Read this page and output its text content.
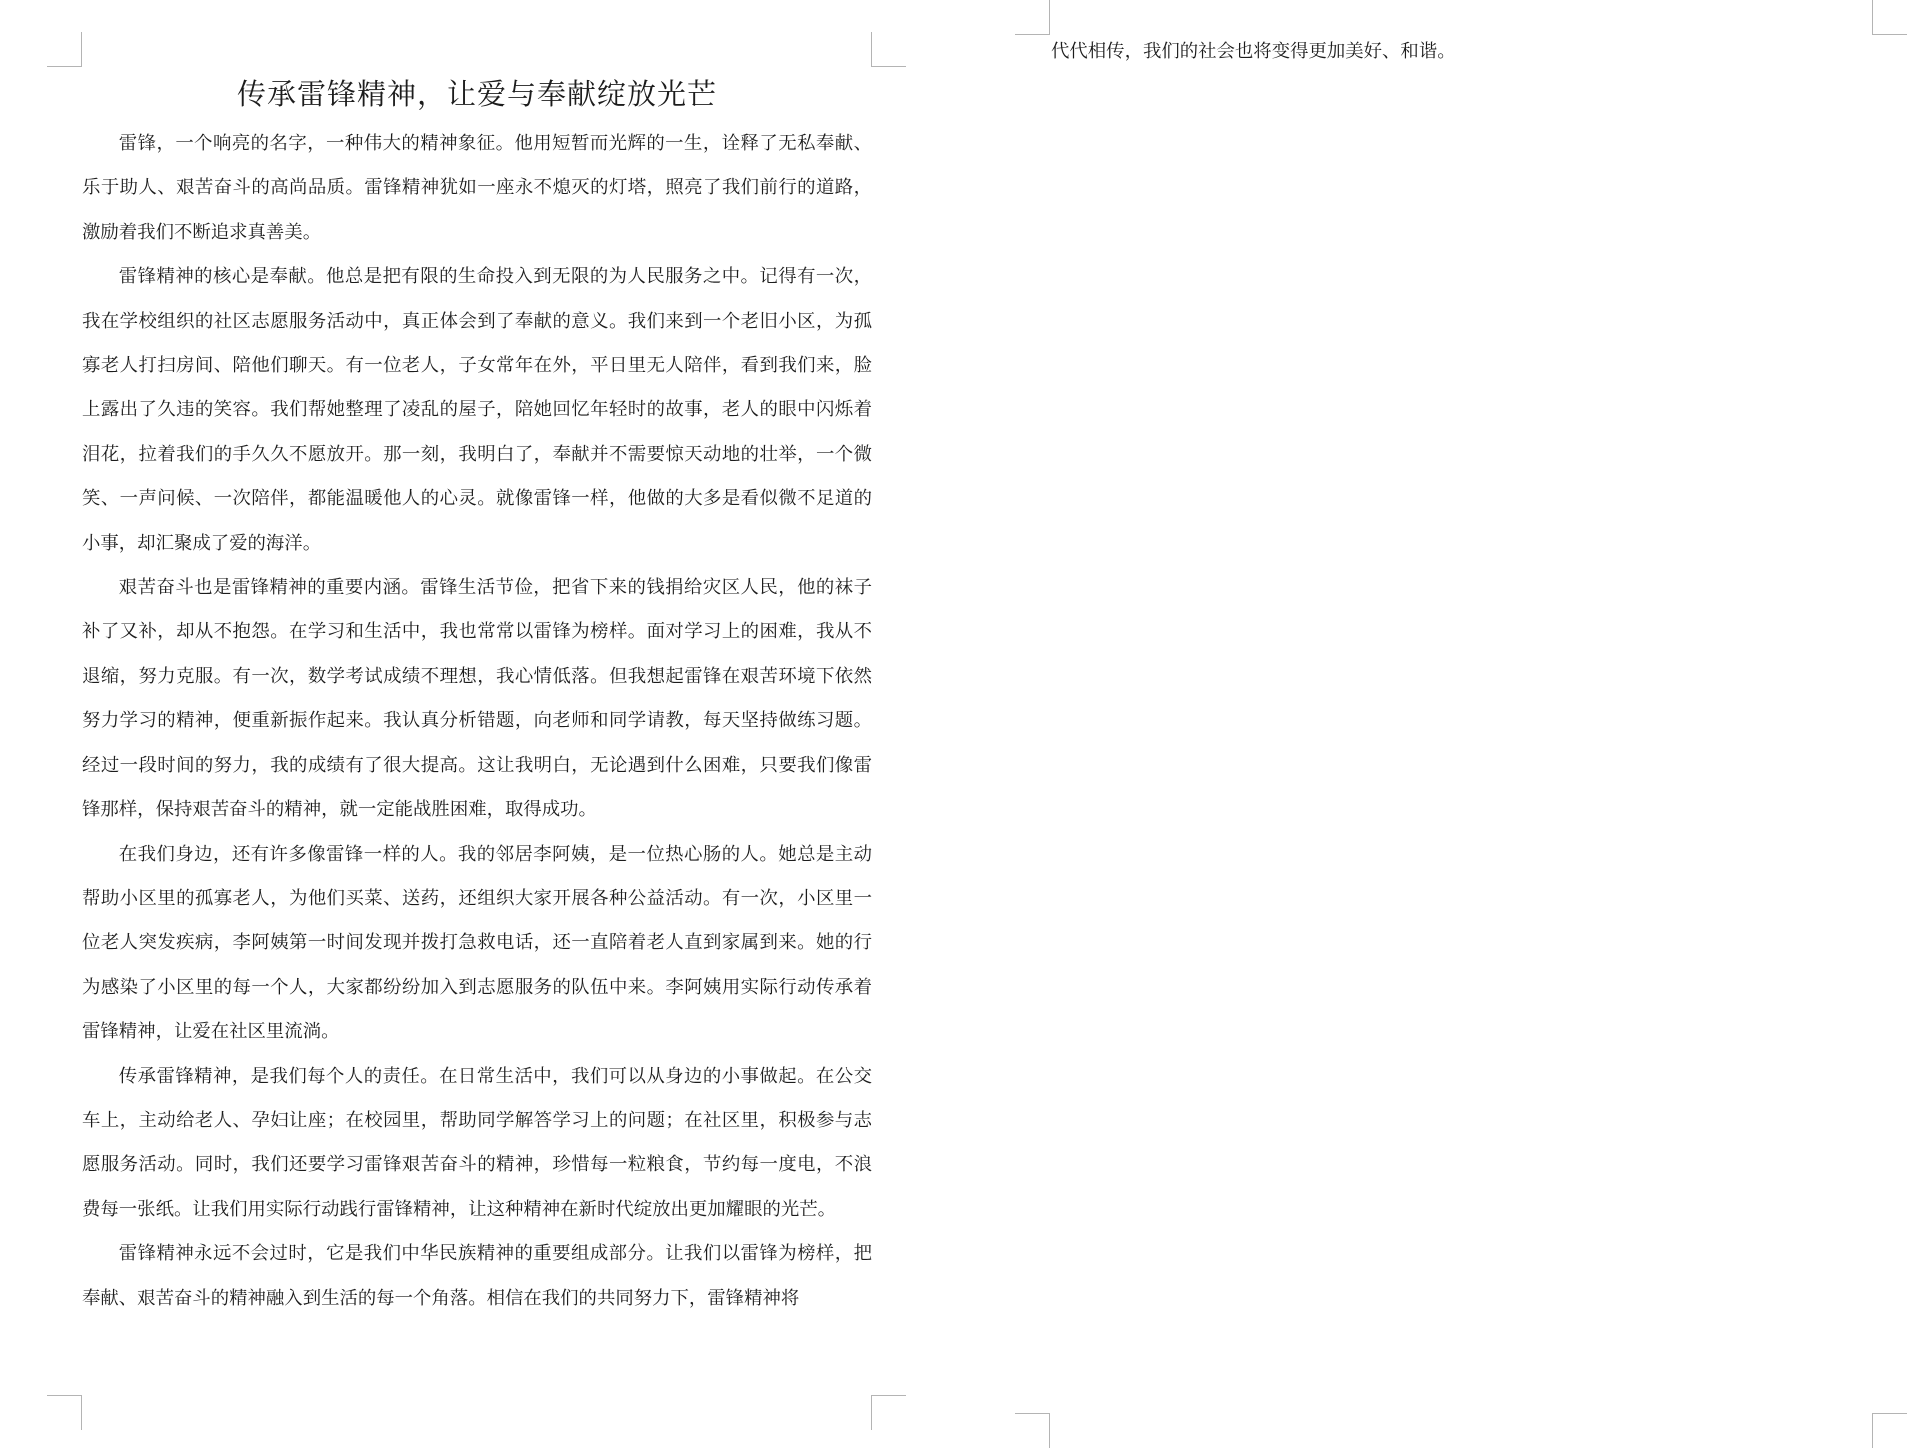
传承雷锋精神，让爱与奉献绽放光芒

雷锋，一个响亮的名字，一种伟大的精神象征。他用短暂而光辉的一生，诠释了无私奉献、乐于助人、艰苦奋斗的高尚品质。雷锋精神犹如一座永不熄灭的灯塔，照亮了我们前行的道路，激励着我们不断追求真善美。

雷锋精神的核心是奉献。他总是把有限的生命投入到无限的为人民服务之中。记得有一次，我在学校组织的社区志愿服务活动中，真正体会到了奉献的意义。我们来到一个老旧小区，为孤寡老人打扫房间、陪他们聊天。有一位老人，子女常年在外，平日里无人陪伴，看到我们来，脸上露出了久违的笑容。我们帮她整理了凌乱的屋子，陪她回忆年轻时的故事，老人的眼中闪烁着泪花，拉着我们的手久久不愿放开。那一刻，我明白了，奉献并不需要惊天动地的壮举，一个微笑、一声问候、一次陪伴，都能温暖他人的心灵。就像雷锋一样，他做的大多是看似微不足道的小事，却汇聚成了爱的海洋。

艰苦奋斗也是雷锋精神的重要内涵。雷锋生活节俭，把省下来的钱捐给灾区人民，他的袜子补了又补，却从不抱怨。在学习和生活中，我也常常以雷锋为榜样。面对学习上的困难，我从不退缩，努力克服。有一次，数学考试成绩不理想，我心情低落。但我想起雷锋在艰苦环境下依然努力学习的精神，便重新振作起来。我认真分析错题，向老师和同学请教，每天坚持做练习题。经过一段时间的努力，我的成绩有了很大提高。这让我明白，无论遇到什么困难，只要我们像雷锋那样，保持艰苦奋斗的精神，就一定能战胜困难，取得成功。

在我们身边，还有许多像雷锋一样的人。我的邻居李阿姨，是一位热心肠的人。她总是主动帮助小区里的孤寡老人，为他们买菜、送药，还组织大家开展各种公益活动。有一次，小区里一位老人突发疾病，李阿姨第一时间发现并拨打急救电话，还一直陪着老人直到家属到来。她的行为感染了小区里的每一个人，大家都纷纷加入到志愿服务的队伍中来。李阿姨用实际行动传承着雷锋精神，让爱在社区里流淌。

传承雷锋精神，是我们每个人的责任。在日常生活中，我们可以从身边的小事做起。在公交车上，主动给老人、孕妇让座；在校园里，帮助同学解答学习上的问题；在社区里，积极参与志愿服务活动。同时，我们还要学习雷锋艰苦奋斗的精神，珍惜每一粒粮食，节约每一度电，不浪费每一张纸。让我们用实际行动践行雷锋精神，让这种精神在新时代绽放出更加耀眼的光芒。

雷锋精神永远不会过时，它是我们中华民族精神的重要组成部分。让我们以雷锋为榜样，把奉献、艰苦奋斗的精神融入到生活的每一个角落。相信在我们的共同努力下，雷锋精神将

代代相传，我们的社会也将变得更加美好、和谐。
